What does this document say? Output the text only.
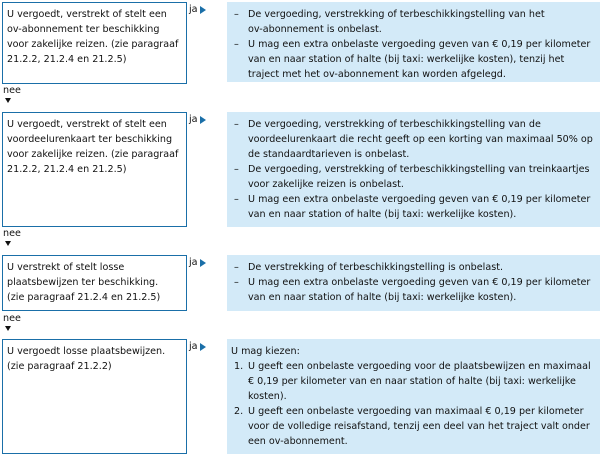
U vergoedt, verstrekt of stelt een
ov-abonnement ter beschikking
voor zakelijke reizen. (zie paragraaf
21.2.2, 21.2.4 en 21.2.5)
ja	– De vergoeding, verstrekking of terbeschikkingstelling van het
ov-abonnement is onbelast.
– U mag een extra onbelaste vergoeding geven van € 0,19 per kilometer
van en naar station of halte (bij taxi: werkelijke kosten), tenzij het
traject met het ov-abonnement kan worden afgelegd.
nee
U vergoedt, verstrekt of stelt een
voordeelurenkaart ter beschikking
voor zakelijke reizen. (zie paragraaf
21.2.2, 21.2.4 en 21.2.5)
ja	– De vergoeding, verstrekking of terbeschikkingstelling van de
voordeelurenkaart die recht geeft op een korting van maximaal 50% op
de standaardtarieven is onbelast.
– De vergoeding, verstrekking of terbeschikkingstelling van treinkaartjes
voor zakelijke reizen is onbelast.
– U mag een extra onbelaste vergoeding geven van € 0,19 per kilometer
van en naar station of halte (bij taxi: werkelijke kosten).
nee
U verstrekt of stelt losse
plaatsbewijzen ter beschikking.
(zie paragraaf 21.2.4 en 21.2.5)
ja	– De verstrekking of terbeschikkingstelling is onbelast.
– U mag een extra onbelaste vergoeding geven van € 0,19 per kilometer
van en naar station of halte (bij taxi: werkelijke kosten).
nee
U vergoedt losse plaatsbewijzen.
(zie paragraaf 21.2.2)
ja	U mag kiezen:
1. U geeft een onbelaste vergoeding voor de plaatsbewijzen en maximaal
€ 0,19 per kilometer van en naar station of halte (bij taxi: werkelijke
kosten).
2. U geeft een onbelaste vergoeding van maximaal € 0,19 per kilometer
voor de volledige reisafstand, tenzij een deel van het traject valt onder
een ov-abonnement.
